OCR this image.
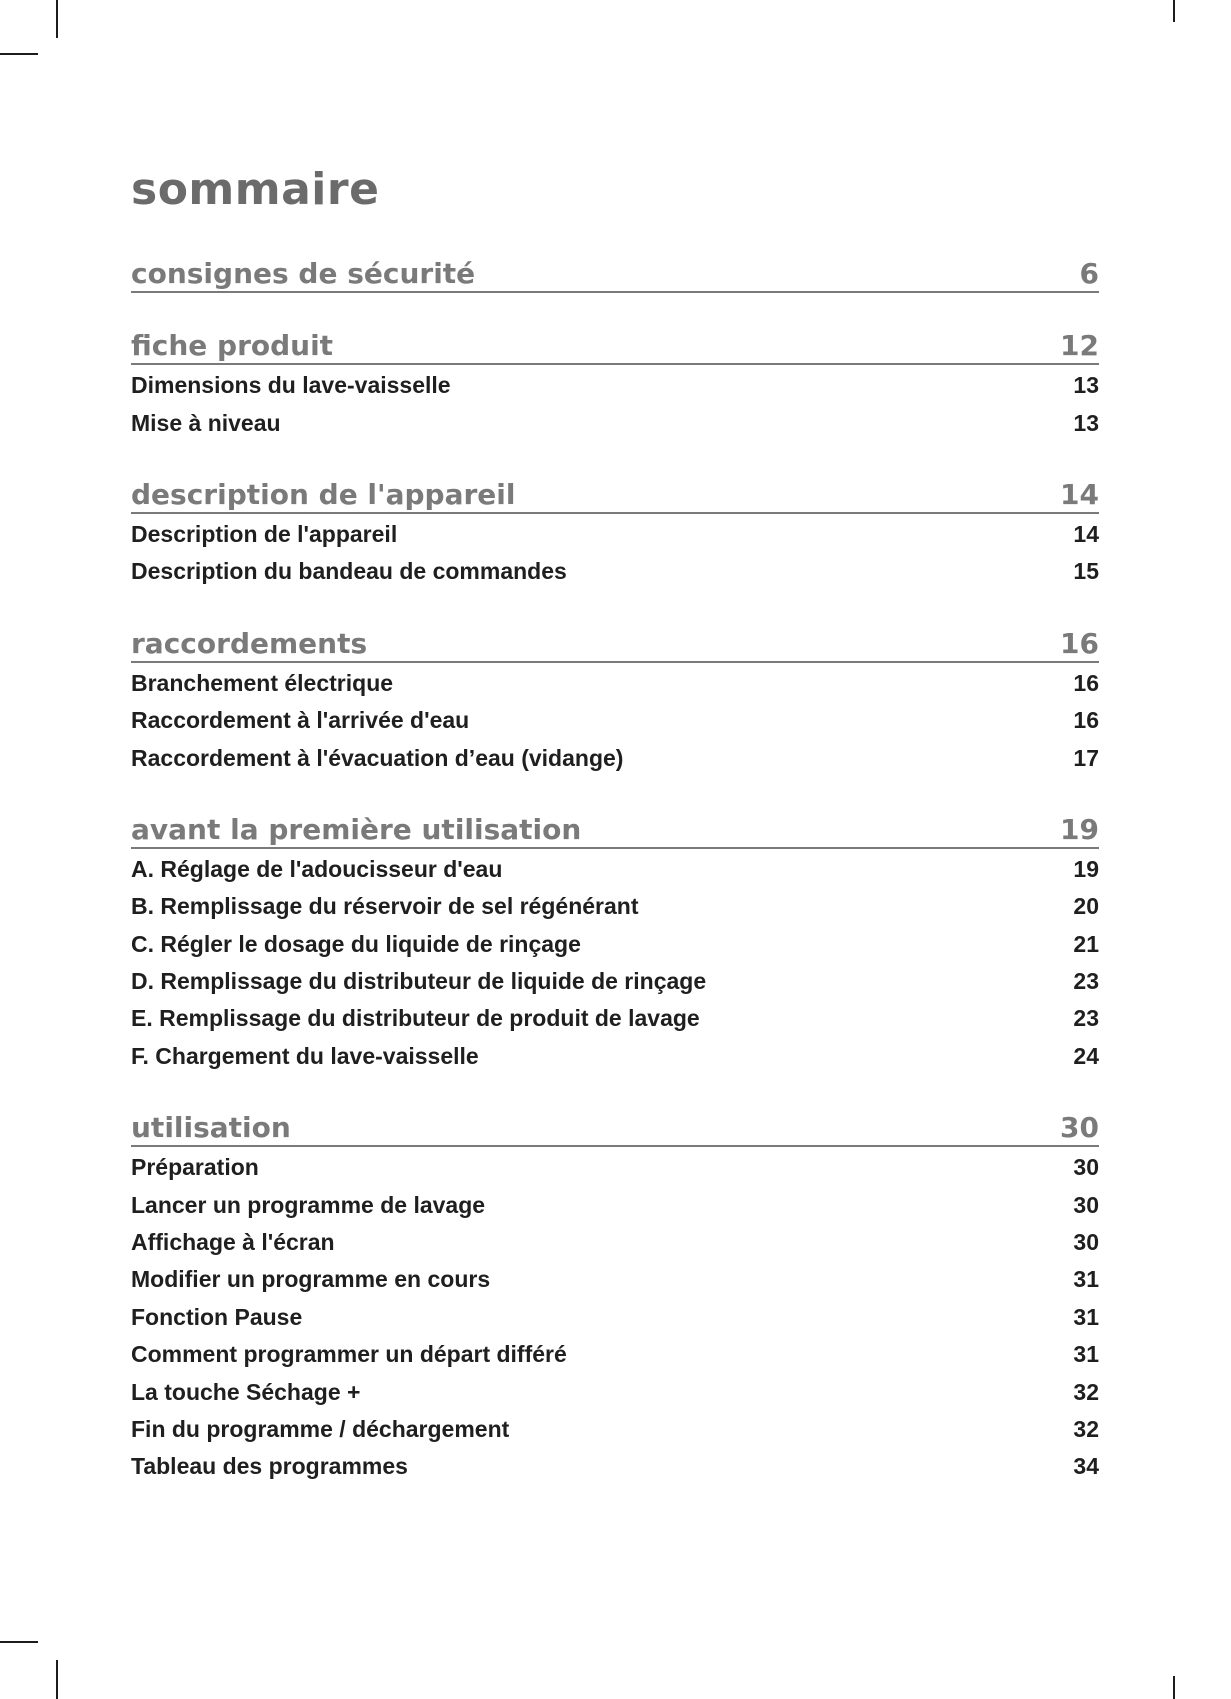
sommaire
consignes de sécurité	6
fiche produit	12
Dimensions du lave-vaisselle	13
Mise à niveau	13
description de l'appareil	14
Description de l'appareil	14
Description du bandeau de commandes	15
raccordements	16
Branchement électrique	16
Raccordement à l'arrivée d'eau	16
Raccordement à l'évacuation d’eau (vidange)	17
avant la première utilisation	19
A. Réglage de l'adoucisseur d'eau	19
B. Remplissage du réservoir de sel régénérant	20
C. Régler le dosage du liquide de rinçage	21
D. Remplissage du distributeur de liquide de rinçage	23
E. Remplissage du distributeur de produit de lavage	23
F. Chargement du lave-vaisselle	24
utilisation	30
Préparation	30
Lancer un programme de lavage	30
Affichage à l'écran	30
Modifier un programme en cours	31
Fonction Pause	31
Comment programmer un départ différé	31
La touche Séchage +	32
Fin du programme / déchargement	32
Tableau des programmes	34
